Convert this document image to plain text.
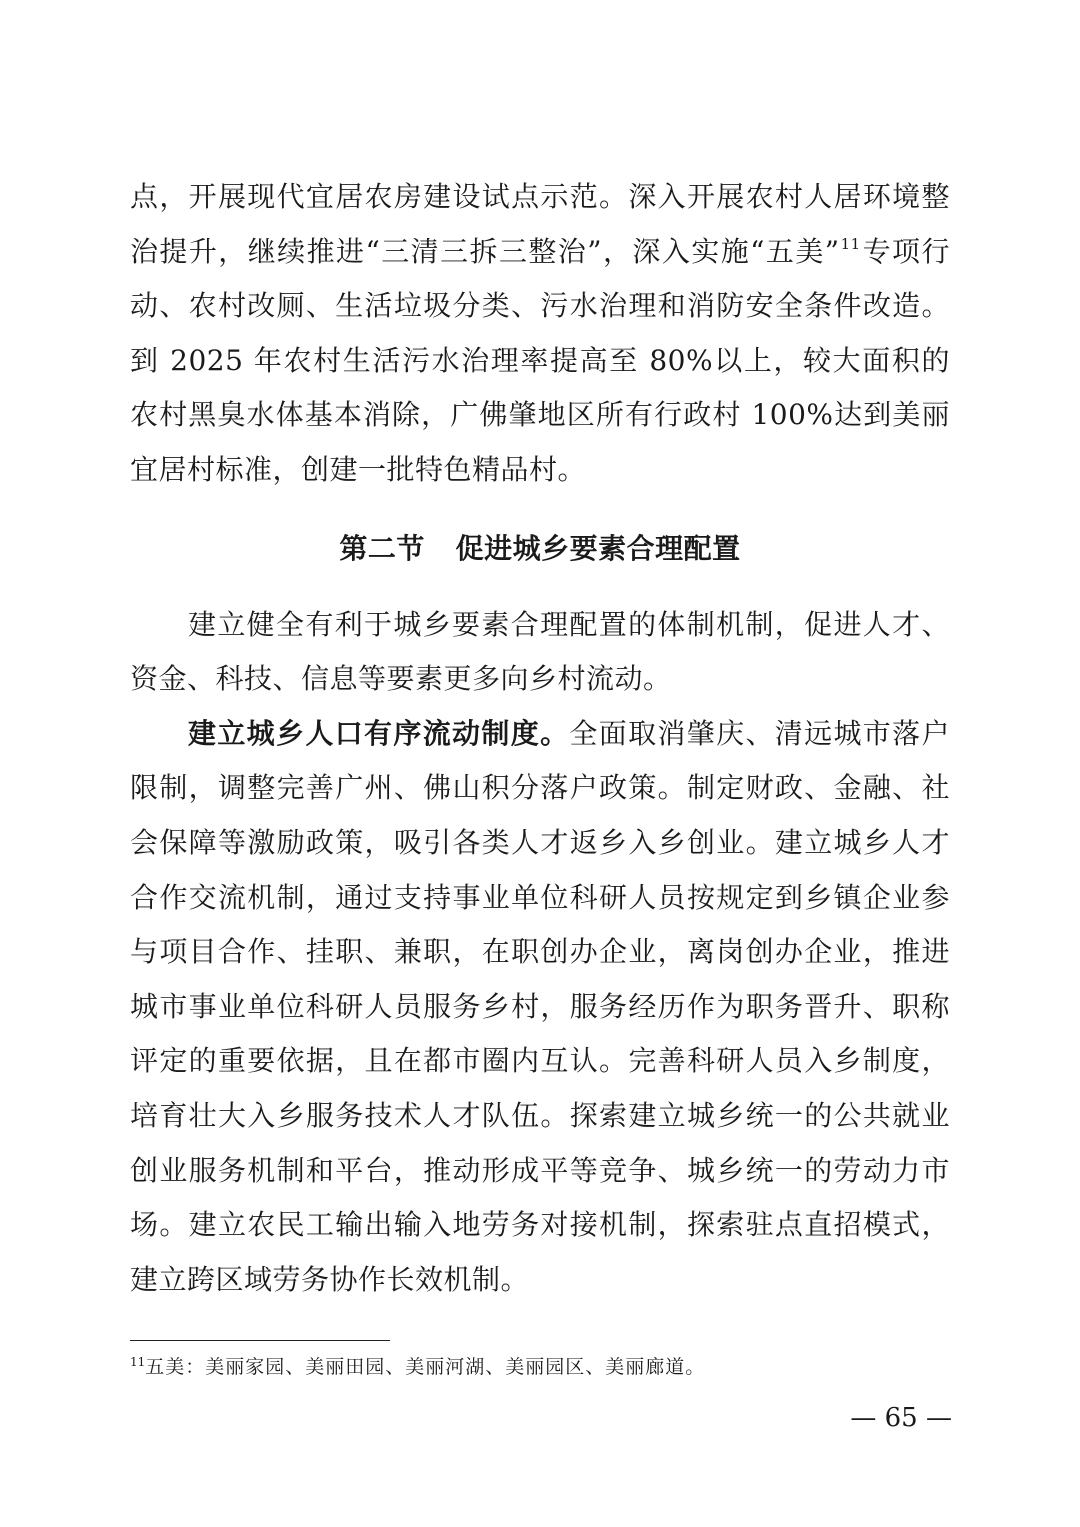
点，开展现代宜居农房建设试点示范。深入开展农村人居环境整治提升，继续推进“三清三拆三整治”，深入实施“五美”$^{11}$专项行动、农村改厕、生活垃圾分类、污水治理和消防安全条件改造。到 2025 年农村生活污水治理率提高至 80%以上，较大面积的农村黑臭水体基本消除，广佛肇地区所有行政村 100%达到美丽宜居村标准，创建一批特色精品村。

第二节 促进城乡要素合理配置

建立健全有利于城乡要素合理配置的体制机制，促进人才、资金、科技、信息等要素更多向乡村流动。

建立城乡人口有序流动制度。全面取消肇庆、清远城市落户限制，调整完善广州、佛山积分落户政策。制定财政、金融、社会保障等激励政策，吸引各类人才返乡入乡创业。建立城乡人才合作交流机制，通过支持事业单位科研人员按规定到乡镇企业参与项目合作、挂职、兼职，在职创办企业，离岗创办企业，推进城市事业单位科研人员服务乡村，服务经历作为职务晋升、职称评定的重要依据，且在都市圈内互认。完善科研人员入乡制度，培育壮大入乡服务技术人才队伍。探索建立城乡统一的公共就业创业服务机制和平台，推动形成平等竞争、城乡统一的劳动力市场。建立农民工输出输入地劳务对接机制，探索驻点直招模式，建立跨区域劳务协作长效机制。

$^{11}$五美：美丽家园、美丽田园、美丽河湖、美丽园区、美丽廊道。
— 65 —
